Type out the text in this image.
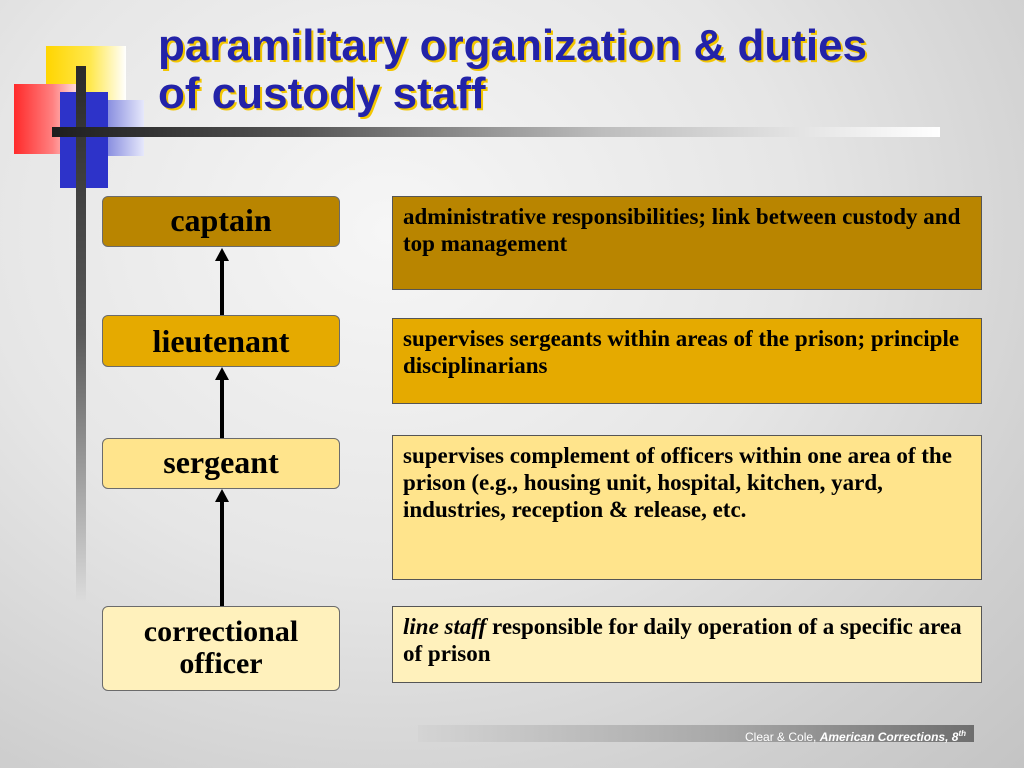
paramilitary organization & duties
of custody staff
captain
lieutenant
sergeant
correctional
officer
administrative responsibilities; link between custody and top management
supervises sergeants within areas of the prison; principle disciplinarians
supervises complement of officers within one area of the prison (e.g., housing unit, hospital, kitchen, yard, industries, reception & release, etc.
line staff responsible for daily operation of a specific area of prison
Clear & Cole, American Corrections, 8th
